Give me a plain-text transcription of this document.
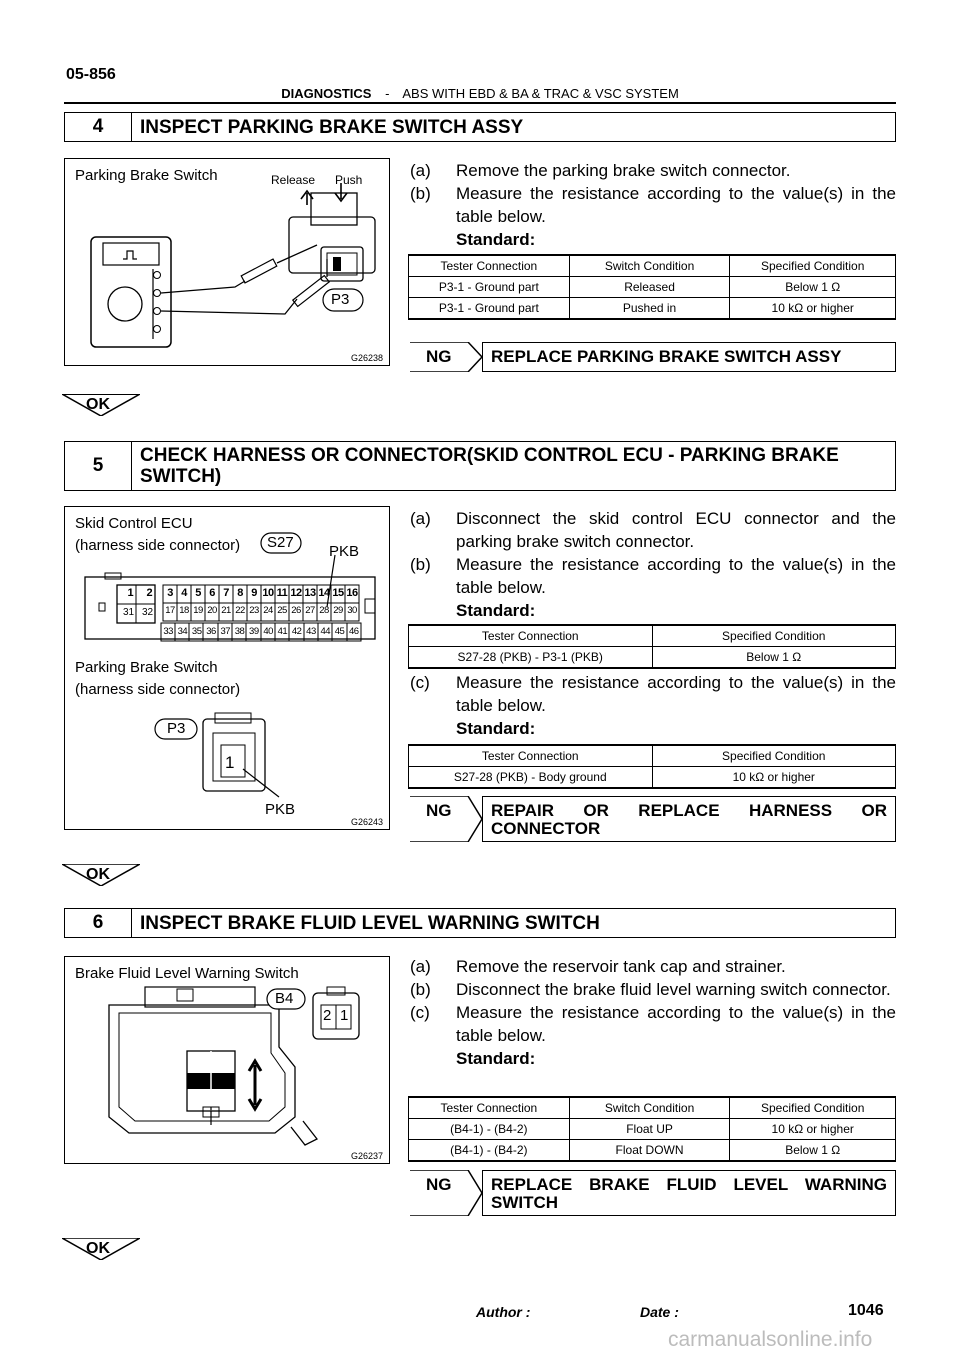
05-856
DIAGNOSTICS - ABS WITH EBD & BA & TRAC & VSC SYSTEM
4	INSPECT PARKING BRAKE SWITCH ASSY
Parking Brake Switch	Release Push
P3
G26238
(a)	Remove the parking brake switch connector.
(b)	Measure the resistance according to the value(s) in the table below.
Standard:
Tester Connection	Switch Condition	Specified Condition
P3-1 - Ground part	Released	Below 1 Ω
P3-1 - Ground part	Pushed in	10 kΩ or higher
NG	REPLACE PARKING BRAKE SWITCH ASSY
OK
5	CHECK HARNESS OR CONNECTOR(SKID CONTROL ECU - PARKING BRAKE SWITCH)
Skid Control ECU
(harness side connector) S27
PKB
1	2
31 32
3 4 5 6 7 8 9 10 11 12 13 14 15 16
17 18 19 20 21 22 23 24 25 26 27 28 29 30
33 34 35 36 37 38 39 40 41 42 43 44 45 46
Parking Brake Switch
(harness side connector)
P3
1
PKB
G26243
(a)	Disconnect the skid control ECU connector and the parking brake switch connector.
(b)	Measure the resistance according to the value(s) in the table below.
Standard:
Tester Connection	Specified Condition
S27-28 (PKB) - P3-1 (PKB)	Below 1 Ω
(c)	Measure the resistance according to the value(s) in the table below.
Standard:
Tester Connection	Specified Condition
S27-28 (PKB) - Body ground	10 kΩ or higher
NG	REPAIR OR REPLACE HARNESS OR CONNECTOR
OK
6	INSPECT BRAKE FLUID LEVEL WARNING SWITCH
Brake Fluid Level Warning Switch
B4
2 1
G26237
(a)	Remove the reservoir tank cap and strainer.
(b)	Disconnect the brake fluid level warning switch connector.
(c)	Measure the resistance according to the value(s) in the table below.
Standard:
Tester Connection	Switch Condition	Specified Condition
(B4-1) - (B4-2)	Float UP	10 kΩ or higher
(B4-1) - (B4-2)	Float DOWN	Below 1 Ω
NG	REPLACE BRAKE FLUID LEVEL WARNING SWITCH
OK
Author :	Date :	1046
carmanualsonline.info
